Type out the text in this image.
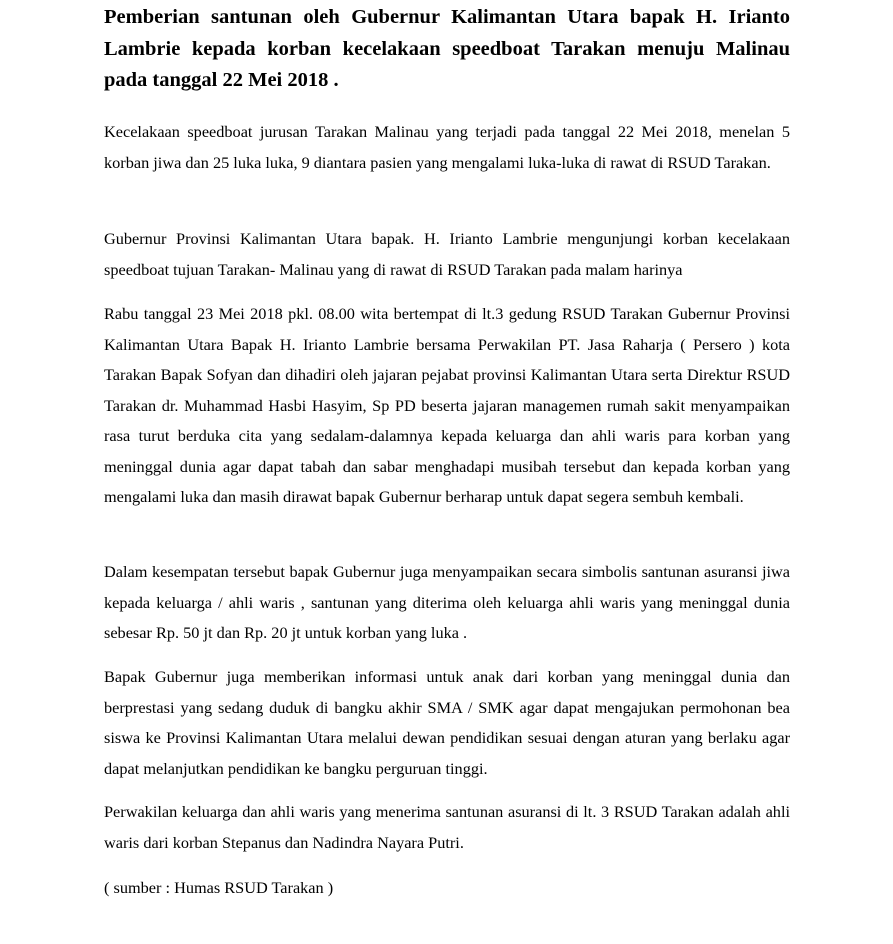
Pemberian santunan oleh Gubernur Kalimantan Utara bapak H. Irianto Lambrie kepada korban kecelakaan speedboat Tarakan menuju Malinau pada tanggal 22 Mei 2018 .

Kecelakaan speedboat jurusan Tarakan Malinau yang terjadi pada tanggal 22 Mei 2018, menelan 5 korban jiwa dan 25 luka luka, 9 diantara pasien yang mengalami luka-luka di rawat di RSUD Tarakan.

Gubernur Provinsi Kalimantan Utara bapak. H. Irianto Lambrie mengunjungi korban kecelakaan speedboat tujuan Tarakan- Malinau yang di rawat di RSUD Tarakan pada malam harinya

Rabu tanggal 23 Mei 2018 pkl. 08.00 wita bertempat di lt.3 gedung RSUD Tarakan Gubernur Provinsi Kalimantan Utara Bapak H. Irianto Lambrie bersama Perwakilan PT. Jasa Raharja ( Persero ) kota Tarakan Bapak Sofyan dan dihadiri oleh jajaran pejabat provinsi Kalimantan Utara serta Direktur RSUD Tarakan dr. Muhammad Hasbi Hasyim, Sp PD beserta jajaran managemen rumah sakit menyampaikan rasa turut berduka cita yang sedalam-dalamnya kepada keluarga dan ahli waris para korban yang meninggal dunia agar dapat tabah dan sabar menghadapi musibah tersebut dan kepada korban yang mengalami luka dan masih dirawat bapak Gubernur berharap untuk dapat segera sembuh kembali.

Dalam kesempatan tersebut bapak Gubernur juga menyampaikan secara simbolis santunan asuransi jiwa kepada keluarga / ahli waris , santunan yang diterima oleh keluarga ahli waris yang meninggal dunia sebesar Rp. 50 jt dan Rp. 20 jt untuk korban yang luka .

Bapak Gubernur juga memberikan informasi untuk anak dari korban yang meninggal dunia dan berprestasi yang sedang duduk di bangku akhir SMA / SMK agar dapat mengajukan permohonan bea siswa ke Provinsi Kalimantan Utara melalui dewan pendidikan sesuai dengan aturan yang berlaku agar dapat melanjutkan pendidikan ke bangku perguruan tinggi.

Perwakilan keluarga dan ahli waris yang menerima santunan asuransi di lt. 3 RSUD Tarakan adalah ahli waris dari korban Stepanus dan Nadindra Nayara Putri.

( sumber : Humas RSUD Tarakan )
